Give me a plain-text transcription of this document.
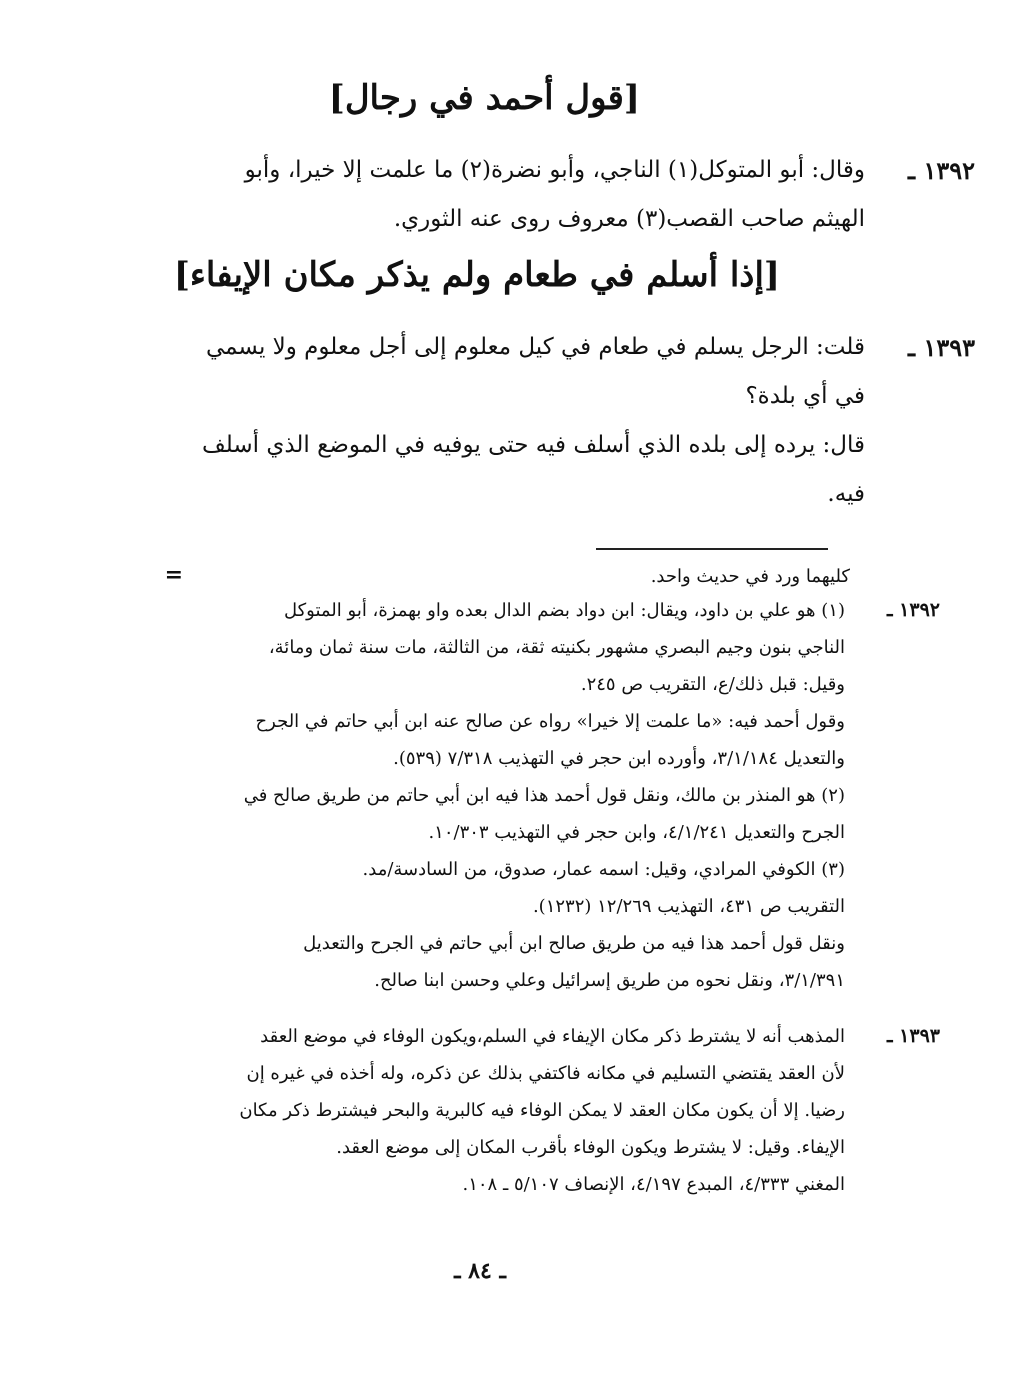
[قول أحمد في رجال]
١٣٩٢ ـ
وقال: أبو المتوكل(١) الناجي، وأبو نضرة(٢) ما علمت إلا خيرا، وأبو
الهيثم صاحب القصب(٣) معروف روى عنه الثوري.
[إذا أسلم في طعام ولم يذكر مكان الإيفاء]
١٣٩٣ ـ
قلت: الرجل يسلم في طعام في كيل معلوم إلى أجل معلوم ولا يسمي
في أي بلدة؟
قال: يرده إلى بلده الذي أسلف فيه حتى يوفيه في الموضع الذي أسلف
فيه.
=	كليهما ورد في حديث واحد.
١٣٩٢ ـ
(١) هو علي بن داود، ويقال: ابن دواد بضم الدال بعده واو بهمزة، أبو المتوكل
الناجي بنون وجيم البصري مشهور بكنيته ثقة، من الثالثة، مات سنة ثمان ومائة،
وقيل: قبل ذلك/ع، التقريب ص ٢٤٥.
وقول أحمد فيه: «ما علمت إلا خيرا» رواه عن صالح عنه ابن أبي حاتم في الجرح
والتعديل ٣/١/١٨٤، وأورده ابن حجر في التهذيب ٧/٣١٨ (٥٣٩).
(٢) هو المنذر بن مالك، ونقل قول أحمد هذا فيه ابن أبي حاتم من طريق صالح في
الجرح والتعديل ٤/١/٢٤١، وابن حجر في التهذيب ١٠/٣٠٣.
(٣) الكوفي المرادي، وقيل: اسمه عمار، صدوق، من السادسة/مد.
التقريب ص ٤٣١، التهذيب ١٢/٢٦٩ (١٢٣٢).
ونقل قول أحمد هذا فيه من طريق صالح ابن أبي حاتم في الجرح والتعديل
٣/١/٣٩١، ونقل نحوه من طريق إسرائيل وعلي وحسن ابنا صالح.
١٣٩٣ ـ
المذهب أنه لا يشترط ذكر مكان الإيفاء في السلم،ويكون الوفاء في موضع العقد
لأن العقد يقتضي التسليم في مكانه فاكتفي بذلك عن ذكره، وله أخذه في غيره إن
رضيا. إلا أن يكون مكان العقد لا يمكن الوفاء فيه كالبرية والبحر فيشترط ذكر مكان
الإيفاء. وقيل: لا يشترط ويكون الوفاء بأقرب المكان إلى موضع العقد.
المغني ٤/٣٣٣، المبدع ٤/١٩٧، الإنصاف ٥/١٠٧ ـ ١٠٨.
ـ ٨٤ ـ
